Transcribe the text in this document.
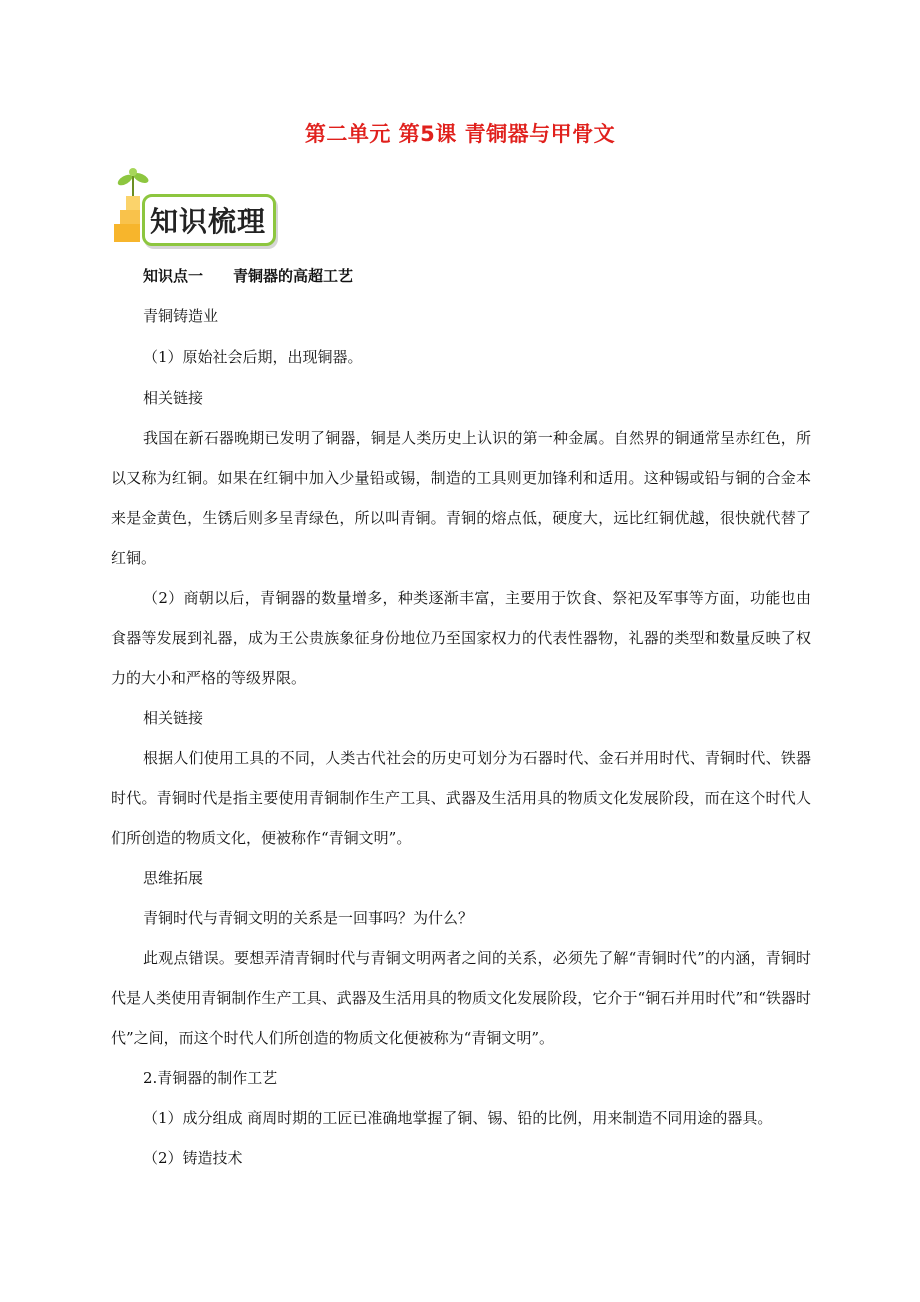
第二单元 第5课 青铜器与甲骨文
知识梳理
知识点一 青铜器的高超工艺
青铜铸造业
（1）原始社会后期，出现铜器。
相关链接
我国在新石器晚期已发明了铜器，铜是人类历史上认识的第一种金属。自然界的铜通常呈赤红色，所以又称为红铜。如果在红铜中加入少量铅或锡，制造的工具则更加锋利和适用。这种锡或铅与铜的合金本来是金黄色，生锈后则多呈青绿色，所以叫青铜。青铜的熔点低，硬度大，远比红铜优越，很快就代替了红铜。
（2）商朝以后，青铜器的数量增多，种类逐渐丰富，主要用于饮食、祭祀及军事等方面，功能也由食器等发展到礼器，成为王公贵族象征身份地位乃至国家权力的代表性器物，礼器的类型和数量反映了权力的大小和严格的等级界限。
相关链接
根据人们使用工具的不同，人类古代社会的历史可划分为石器时代、金石并用时代、青铜时代、铁器时代。青铜时代是指主要使用青铜制作生产工具、武器及生活用具的物质文化发展阶段，而在这个时代人们所创造的物质文化，便被称作“青铜文明”。
思维拓展
青铜时代与青铜文明的关系是一回事吗？为什么？
此观点错误。要想弄清青铜时代与青铜文明两者之间的关系，必须先了解“青铜时代”的内涵，青铜时代是人类使用青铜制作生产工具、武器及生活用具的物质文化发展阶段，它介于“铜石并用时代”和“铁器时代”之间，而这个时代人们所创造的物质文化便被称为“青铜文明”。
2.青铜器的制作工艺
（1）成分组成 商周时期的工匠已准确地掌握了铜、锡、铅的比例，用来制造不同用途的器具。
（2）铸造技术
